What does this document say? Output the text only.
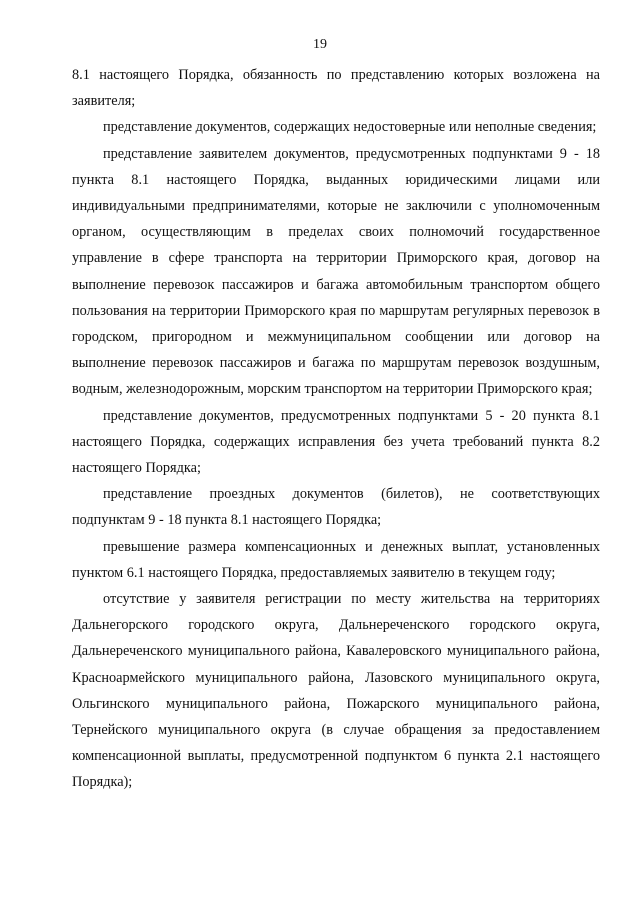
19

8.1 настоящего Порядка, обязанность по представлению которых возложена на заявителя;

представление документов, содержащих недостоверные или неполные сведения;

представление заявителем документов, предусмотренных подпунктами 9 - 18 пункта 8.1 настоящего Порядка, выданных юридическими лицами или индивидуальными предпринимателями, которые не заключили с уполномоченным органом, осуществляющим в пределах своих полномочий государственное управление в сфере транспорта на территории Приморского края, договор на выполнение перевозок пассажиров и багажа автомобильным транспортом общего пользования на территории Приморского края по маршрутам регулярных перевозок в городском, пригородном и межмуниципальном сообщении или договор на выполнение перевозок пассажиров и багажа по маршрутам перевозок воздушным, водным, железнодорожным, морским транспортом на территории Приморского края;

представление документов, предусмотренных подпунктами 5 - 20 пункта 8.1 настоящего Порядка, содержащих исправления без учета требований пункта 8.2 настоящего Порядка;

представление проездных документов (билетов), не соответствующих подпунктам 9 - 18 пункта 8.1 настоящего Порядка;

превышение размера компенсационных и денежных выплат, установленных пунктом 6.1 настоящего Порядка, предоставляемых заявителю в текущем году;

отсутствие у заявителя регистрации по месту жительства на территориях Дальнегорского городского округа, Дальнереченского городского округа, Дальнереченского муниципального района, Кавалеровского муниципального района, Красноармейского муниципального района, Лазовского муниципального округа, Ольгинского муниципального района, Пожарского муниципального района, Тернейского муниципального округа (в случае обращения за предоставлением компенсационной выплаты, предусмотренной подпунктом 6 пункта 2.1 настоящего Порядка);
